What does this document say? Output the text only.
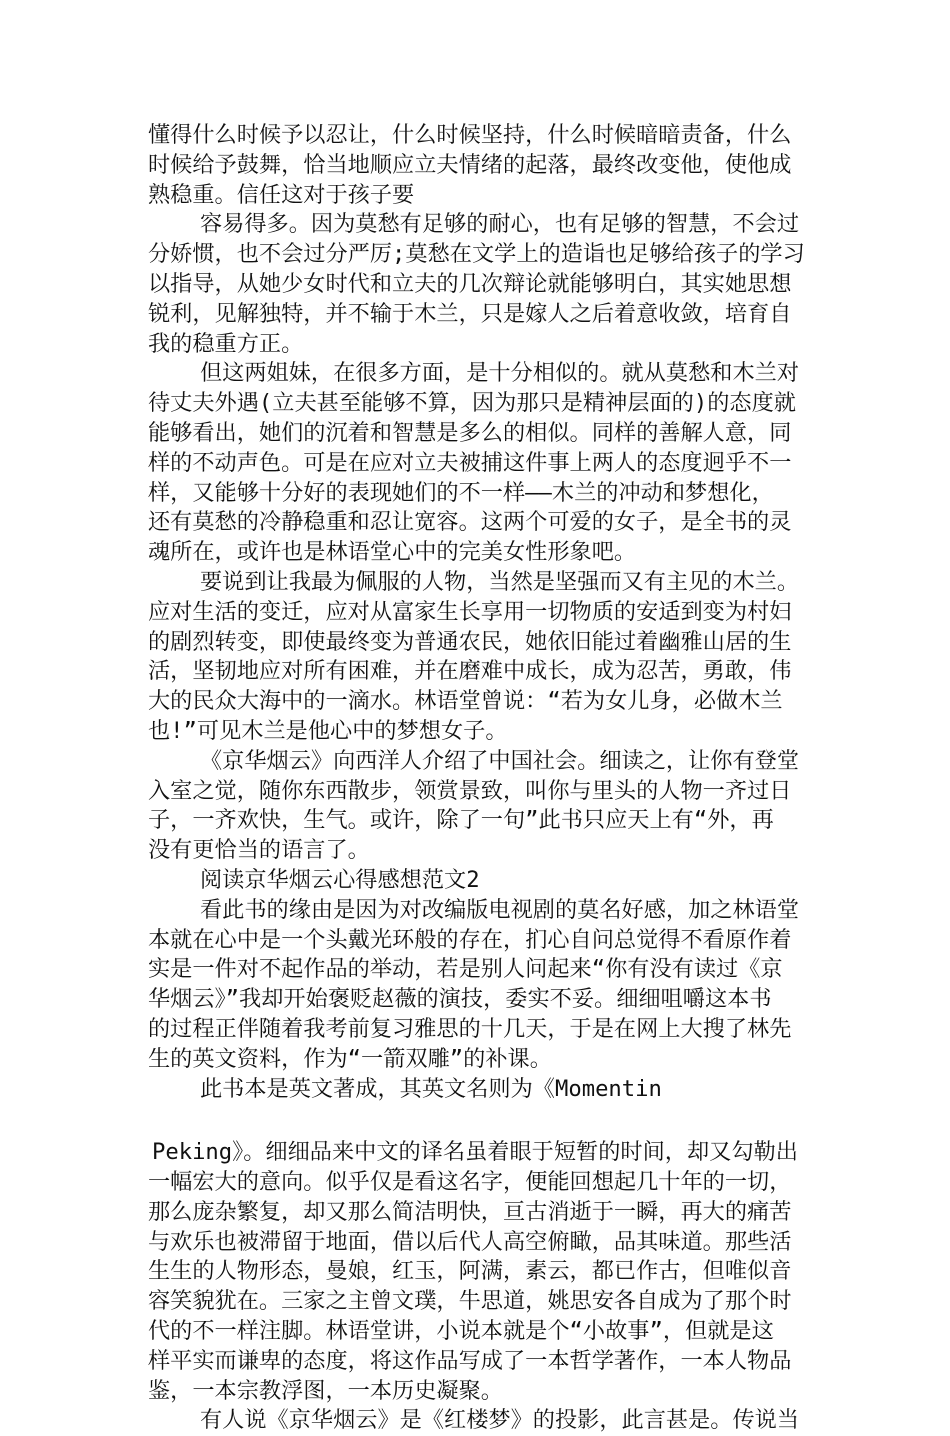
懂得什么时候予以忍让，什么时候坚持，什么时候暗暗责备，什么
时候给予鼓舞，恰当地顺应立夫情绪的起落，最终改变他，使他成
熟稳重。信任这对于孩子要
容易得多。因为莫愁有足够的耐心，也有足够的智慧，不会过
分娇惯，也不会过分严厉;莫愁在文学上的造诣也足够给孩子的学习
以指导，从她少女时代和立夫的几次辩论就能够明白，其实她思想
锐利，见解独特，并不输于木兰，只是嫁人之后着意收敛，培育自
我的稳重方正。
但这两姐妹，在很多方面，是十分相似的。就从莫愁和木兰对
待丈夫外遇(立夫甚至能够不算，因为那只是精神层面的)的态度就
能够看出，她们的沉着和智慧是多么的相似。同样的善解人意，同
样的不动声色。可是在应对立夫被捕这件事上两人的态度迥乎不一
样，又能够十分好的表现她们的不一样——木兰的冲动和梦想化，
还有莫愁的冷静稳重和忍让宽容。这两个可爱的女子，是全书的灵
魂所在，或许也是林语堂心中的完美女性形象吧。
要说到让我最为佩服的人物，当然是坚强而又有主见的木兰。
应对生活的变迁，应对从富家生长享用一切物质的安适到变为村妇
的剧烈转变，即使最终变为普通农民，她依旧能过着幽雅山居的生
活，坚韧地应对所有困难，并在磨难中成长，成为忍苦，勇敢，伟
大的民众大海中的一滴水。林语堂曾说：“若为女儿身，必做木兰
也!”可见木兰是他心中的梦想女子。
《京华烟云》向西洋人介绍了中国社会。细读之，让你有登堂
入室之觉，随你东西散步，领赏景致，叫你与里头的人物一齐过日
子，一齐欢快，生气。或许，除了一句”此书只应天上有“外，再
没有更恰当的语言了。
阅读京华烟云心得感想范文2
看此书的缘由是因为对改编版电视剧的莫名好感，加之林语堂
本就在心中是一个头戴光环般的存在，扪心自问总觉得不看原作着
实是一件对不起作品的举动，若是别人问起来“你有没有读过《京
华烟云》”我却开始褒贬赵薇的演技，委实不妥。细细咀嚼这本书
的过程正伴随着我考前复习雅思的十几天，于是在网上大搜了林先
生的英文资料，作为“一箭双雕”的补课。
此书本是英文著成，其英文名则为《Momentin
Peking》。细细品来中文的译名虽着眼于短暂的时间，却又勾勒出
一幅宏大的意向。似乎仅是看这名字，便能回想起几十年的一切，
那么庞杂繁复，却又那么简洁明快，亘古消逝于一瞬，再大的痛苦
与欢乐也被滞留于地面，借以后代人高空俯瞰，品其味道。那些活
生生的人物形态，曼娘，红玉，阿满，素云，都已作古，但唯似音
容笑貌犹在。三家之主曾文璞，牛思道，姚思安各自成为了那个时
代的不一样注脚。林语堂讲，小说本就是个“小故事”，但就是这
样平实而谦卑的态度，将这作品写成了一本哲学著作，一本人物品
鉴，一本宗教浮图，一本历史凝聚。
有人说《京华烟云》是《红楼梦》的投影，此言甚是。传说当
